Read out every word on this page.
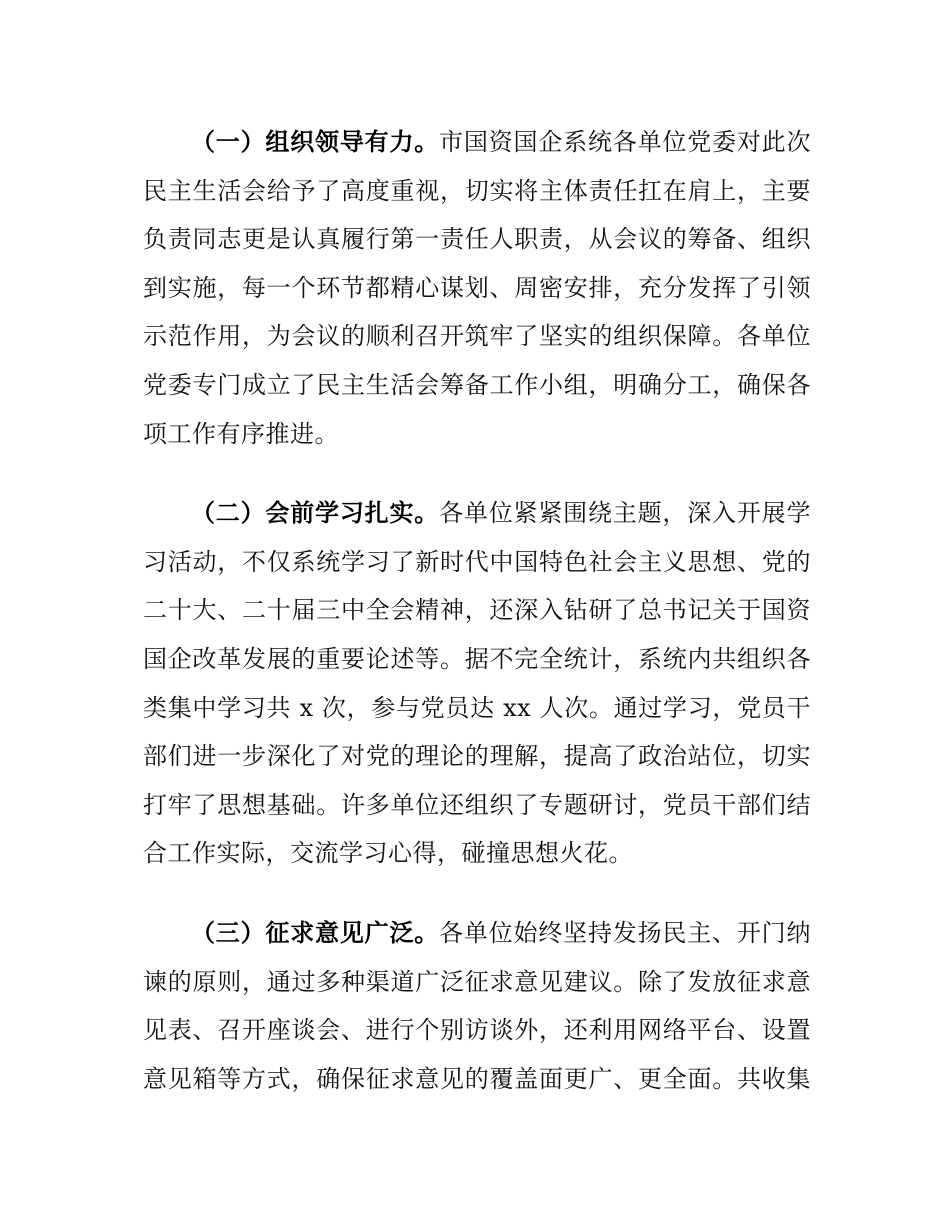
（一）组织领导有力。市国资国企系统各单位党委对此次
民主生活会给予了高度重视，切实将主体责任扛在肩上，主要
负责同志更是认真履行第一责任人职责，从会议的筹备、组织
到实施，每一个环节都精心谋划、周密安排，充分发挥了引领
示范作用，为会议的顺利召开筑牢了坚实的组织保障。各单位
党委专门成立了民主生活会筹备工作小组，明确分工，确保各
项工作有序推进。
（二）会前学习扎实。各单位紧紧围绕主题，深入开展学
习活动，不仅系统学习了新时代中国特色社会主义思想、党的
二十大、二十届三中全会精神，还深入钻研了总书记关于国资
国企改革发展的重要论述等。据不完全统计，系统内共组织各
类集中学习共 x 次，参与党员达 xx 人次。通过学习，党员干
部们进一步深化了对党的理论的理解，提高了政治站位，切实
打牢了思想基础。许多单位还组织了专题研讨，党员干部们结
合工作实际，交流学习心得，碰撞思想火花。
（三）征求意见广泛。各单位始终坚持发扬民主、开门纳
谏的原则，通过多种渠道广泛征求意见建议。除了发放征求意
见表、召开座谈会、进行个别访谈外，还利用网络平台、设置
意见箱等方式，确保征求意见的覆盖面更广、更全面。共收集
